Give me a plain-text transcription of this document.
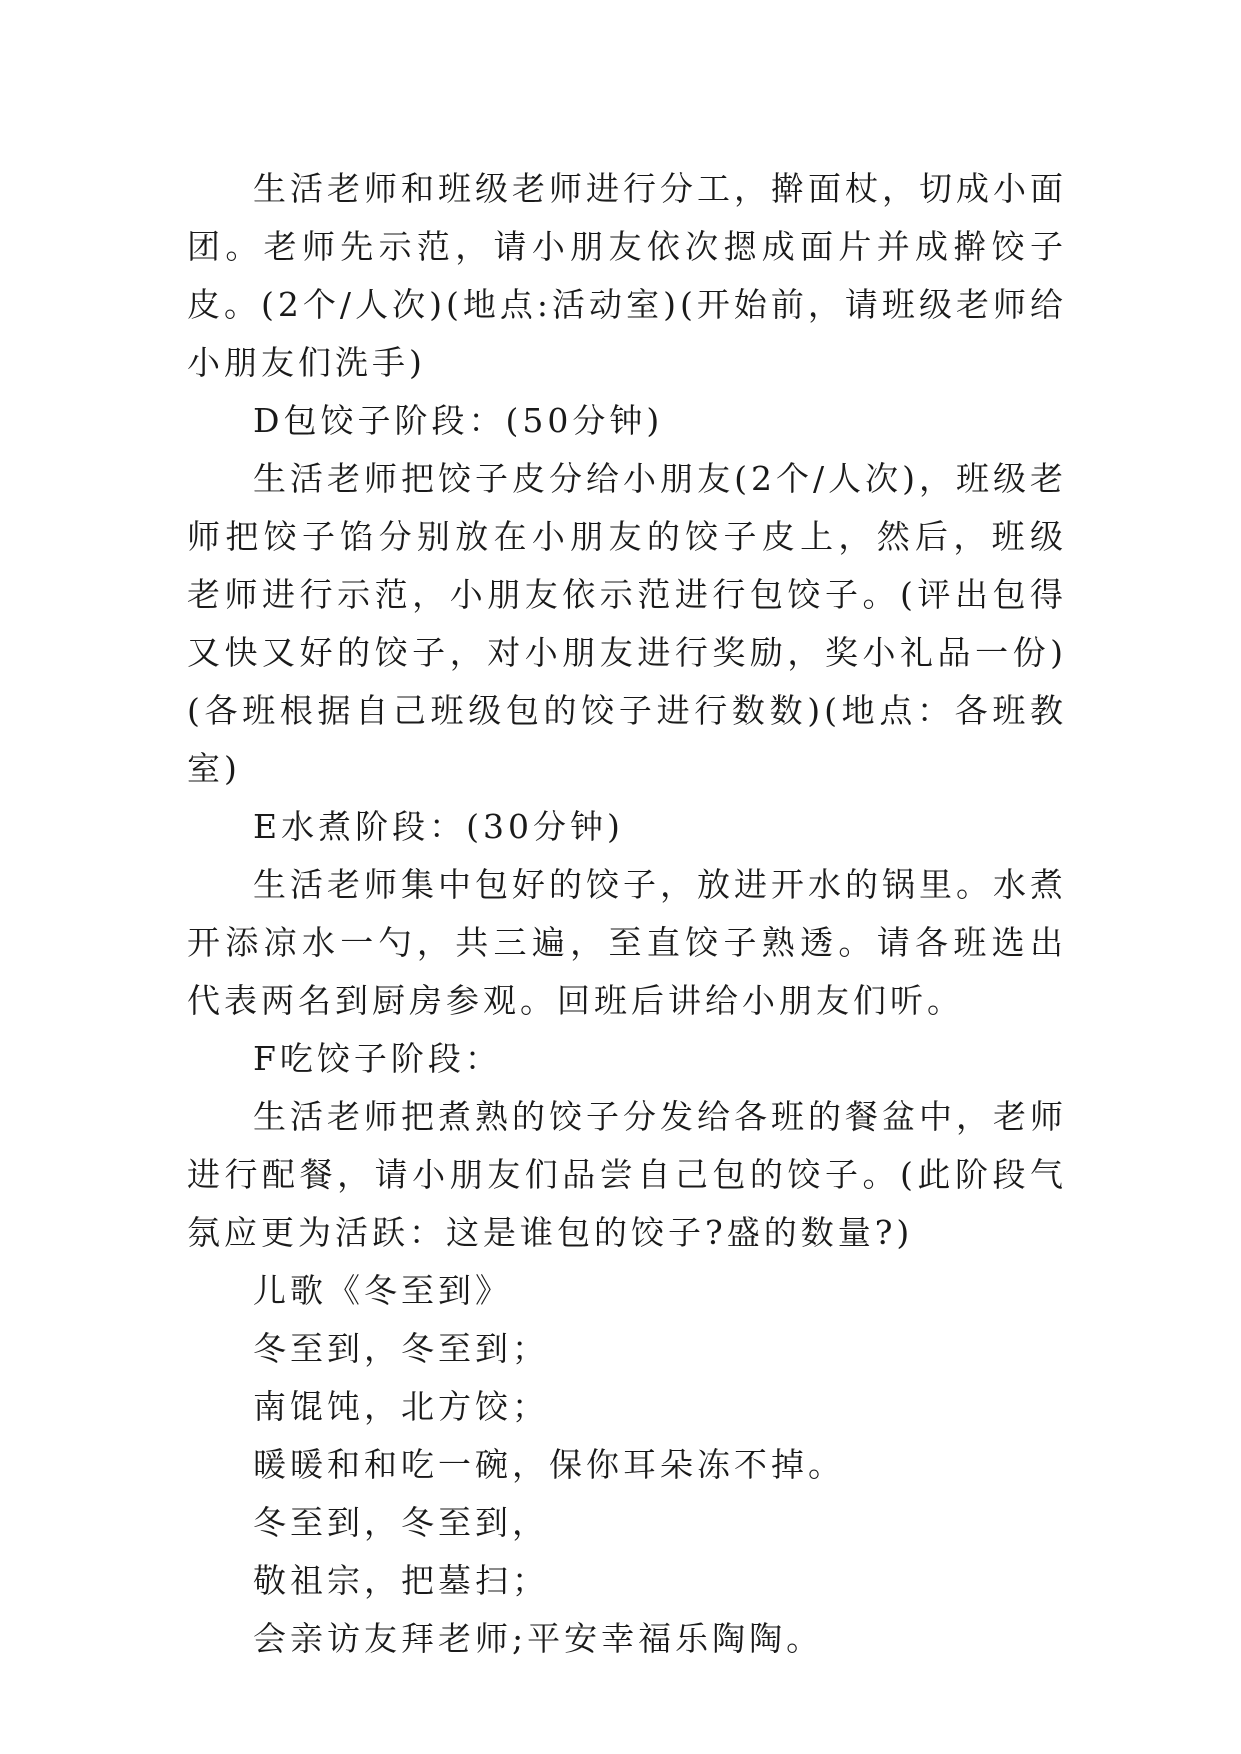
生活老师和班级老师进行分工，擀面杖，切成小面团。老师先示范，请小朋友依次摁成面片并成擀饺子皮。(2个/人次)(地点:活动室)(开始前，请班级老师给小朋友们洗手)

D包饺子阶段：(50分钟)

生活老师把饺子皮分给小朋友(2个/人次)，班级老师把饺子馅分别放在小朋友的饺子皮上，然后，班级老师进行示范，小朋友依示范进行包饺子。(评出包得又快又好的饺子，对小朋友进行奖励，奖小礼品一份)(各班根据自己班级包的饺子进行数数)(地点：各班教室)

E水煮阶段：(30分钟)

生活老师集中包好的饺子，放进开水的锅里。水煮开添凉水一勺，共三遍，至直饺子熟透。请各班选出代表两名到厨房参观。回班后讲给小朋友们听。

F吃饺子阶段：

生活老师把煮熟的饺子分发给各班的餐盆中，老师进行配餐，请小朋友们品尝自己包的饺子。(此阶段气氛应更为活跃：这是谁包的饺子?盛的数量?)

儿歌《冬至到》

冬至到，冬至到；

南馄饨，北方饺；

暖暖和和吃一碗，保你耳朵冻不掉。

冬至到，冬至到，

敬祖宗，把墓扫；

会亲访友拜老师;平安幸福乐陶陶。
